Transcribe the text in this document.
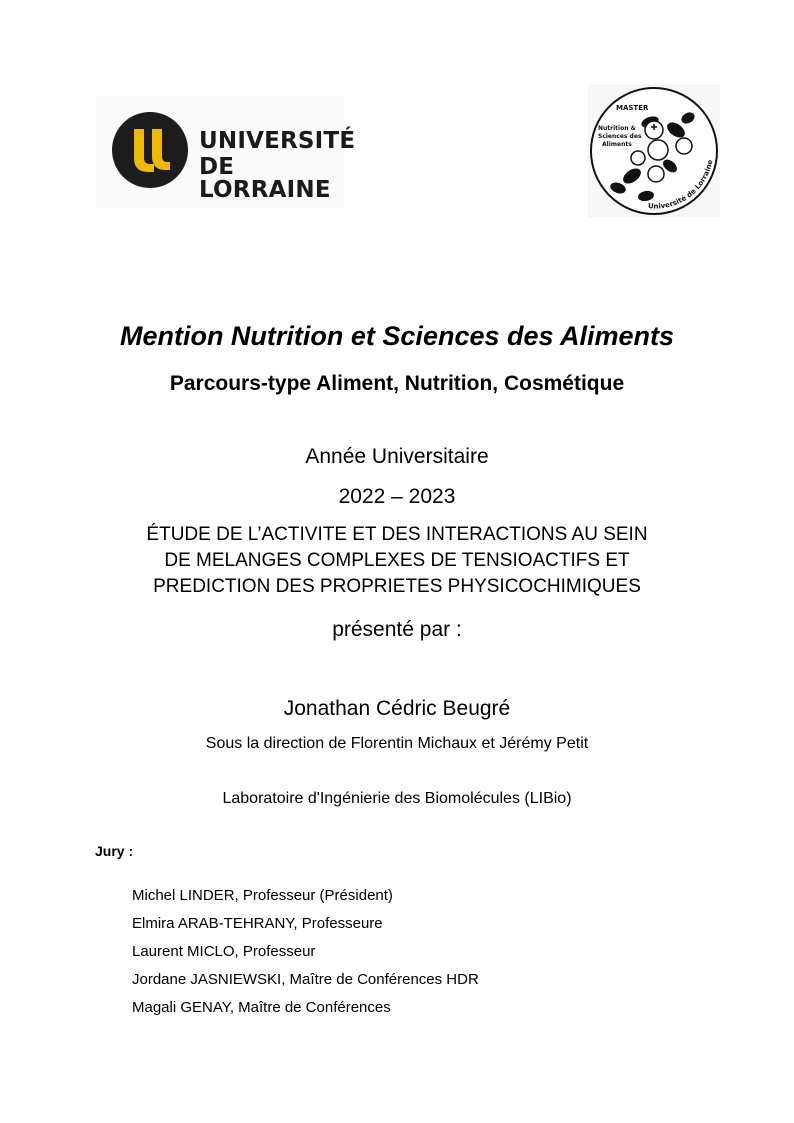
UNIVERSITÉ
DE LORRAINE
MASTER
Nutrition & Sciences des Aliments
Université de Lorraine
Mention Nutrition et Sciences des Aliments
Parcours-type Aliment, Nutrition, Cosmétique
Année Universitaire
2022 – 2023
ÉTUDE DE L’ACTIVITE ET DES INTERACTIONS AU SEIN
DE MELANGES COMPLEXES DE TENSIOACTIFS ET
PREDICTION DES PROPRIETES PHYSICOCHIMIQUES
présenté par :
Jonathan Cédric Beugré
Sous la direction de Florentin Michaux et Jérémy Petit
Laboratoire d'Ingénierie des Biomolécules (LIBio)
Jury :
Michel LINDER, Professeur (Président)
Elmira ARAB-TEHRANY, Professeure
Laurent MICLO, Professeur
Jordane JASNIEWSKI, Maître de Conférences HDR
Magali GENAY, Maître de Conférences
